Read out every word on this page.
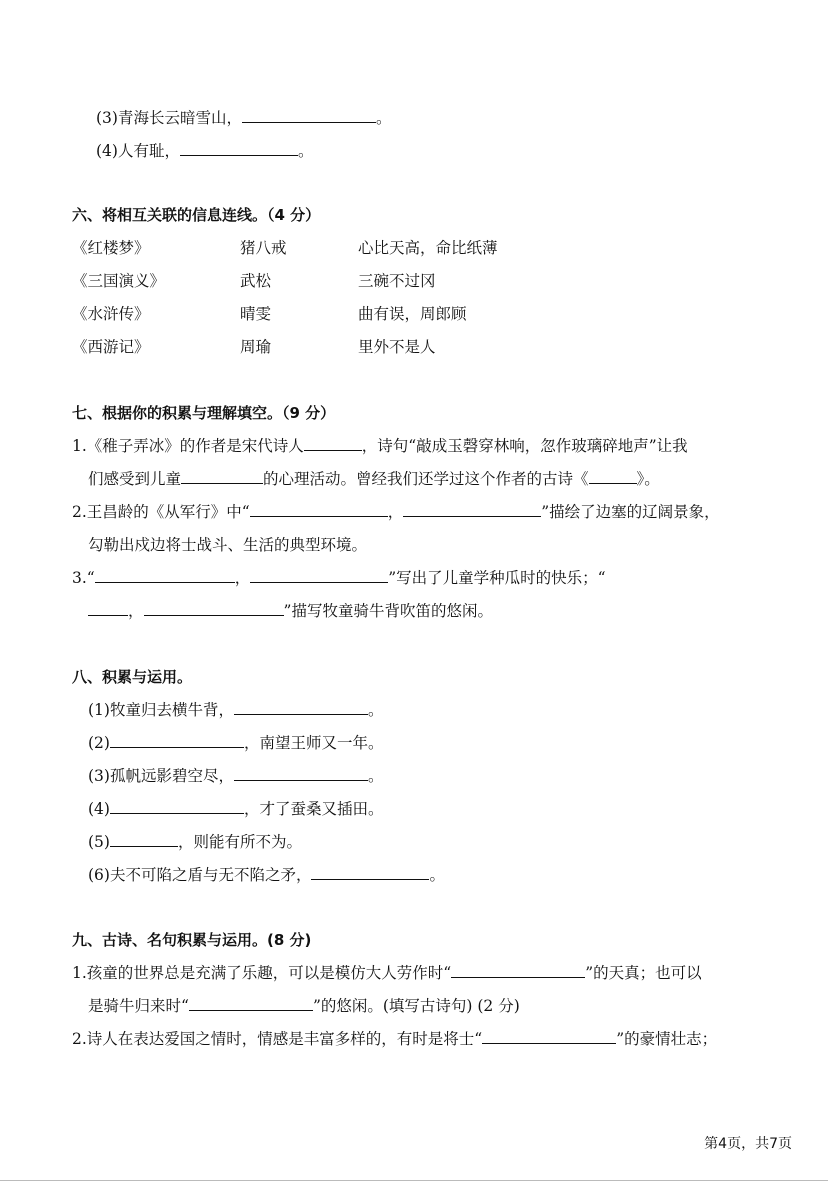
(3)青海长云暗雪山，	。
(4)人有耻，	。
六、将相互关联的信息连线。（4 分）
《红楼梦》	猪八戒	心比天高，命比纸薄
《三国演义》	武松	三碗不过冈
《水浒传》	晴雯	曲有误，周郎顾
《西游记》	周瑜	里外不是人
七、根据你的积累与理解填空。（9 分）
1.《稚子弄冰》的作者是宋代诗人	，诗句“敲成玉磬穿林响，忽作玻璃碎地声”让我
们感受到儿童	的心理活动。曾经我们还学过这个作者的古诗《	》。
2.王昌龄的《从军行》中“	，	”描绘了边塞的辽阔景象，
勾勒出戍边将士战斗、生活的典型环境。
3.“	，	”写出了儿童学种瓜时的快乐；“
，	”描写牧童骑牛背吹笛的悠闲。
八、积累与运用。
(1)牧童归去横牛背，	。
(2)	，南望王师又一年。
(3)孤帆远影碧空尽，	。
(4)	，才了蚕桑又插田。
(5)	，则能有所不为。
(6)夫不可陷之盾与无不陷之矛，	。
九、古诗、名句积累与运用。(8 分)
1.孩童的世界总是充满了乐趣，可以是模仿大人劳作时“	”的天真；也可以
是骑牛归来时“	”的悠闲。(填写古诗句) (2 分)
2.诗人在表达爱国之情时，情感是丰富多样的，有时是将士“	”的豪情壮志；
第4页，共7页
